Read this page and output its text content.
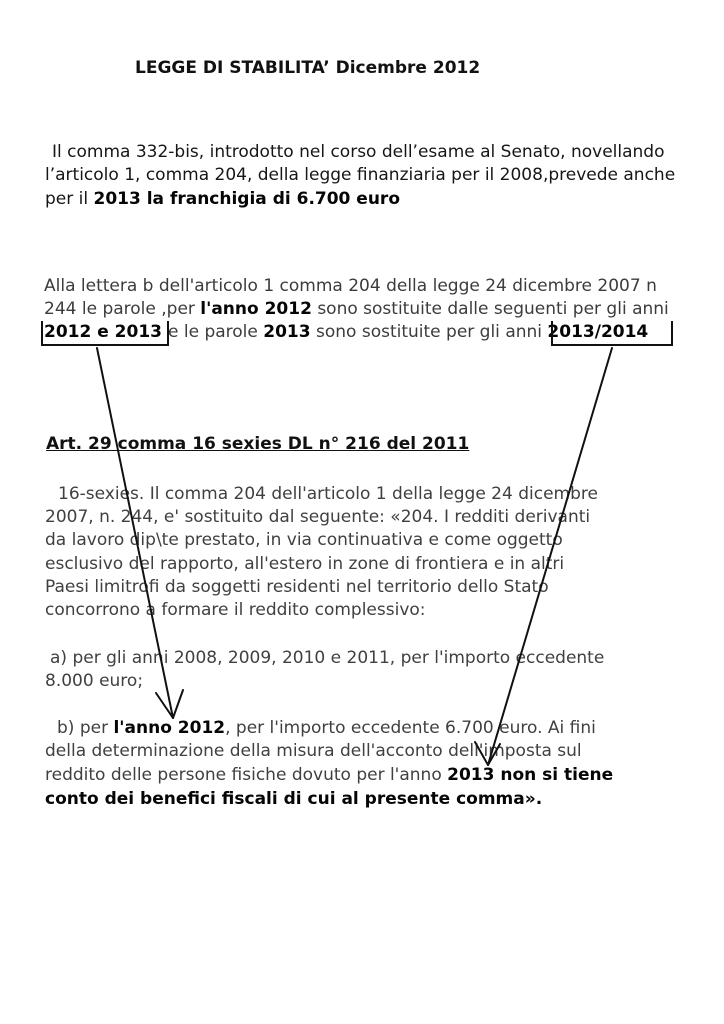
LEGGE DI STABILITA’ Dicembre 2012
Il comma 332-bis, introdotto nel corso dell’esame al Senato, novellando
l’articolo 1, comma 204, della legge finanziaria per il 2008,prevede anche
per il 2013 la franchigia di 6.700 euro
Alla lettera b dell'articolo 1 comma 204 della legge 24 dicembre 2007 n
244 le parole ,per l'anno 2012 sono sostituite dalle seguenti per gli anni
2012 e 2013 e le parole 2013 sono sostituite per gli anni 2013/2014
Art. 29 comma 16 sexies DL n° 216 del 2011
16-sexies. Il comma 204 dell'articolo 1 della legge 24 dicembre
2007, n. 244, e' sostituito dal seguente: «204. I redditi derivanti
da lavoro dip\te prestato, in via continuativa e come oggetto
esclusivo del rapporto, all'estero in zone di frontiera e in altri
Paesi limitrofi da soggetti residenti nel territorio dello Stato
concorrono a formare il reddito complessivo:
a) per gli anni 2008, 2009, 2010 e 2011, per l'importo eccedente
8.000 euro;
b) per l'anno 2012, per l'importo eccedente 6.700 euro. Ai fini
della determinazione della misura dell'acconto dell'imposta sul
reddito delle persone fisiche dovuto per l'anno 2013 non si tiene
conto dei benefici fiscali di cui al presente comma».
